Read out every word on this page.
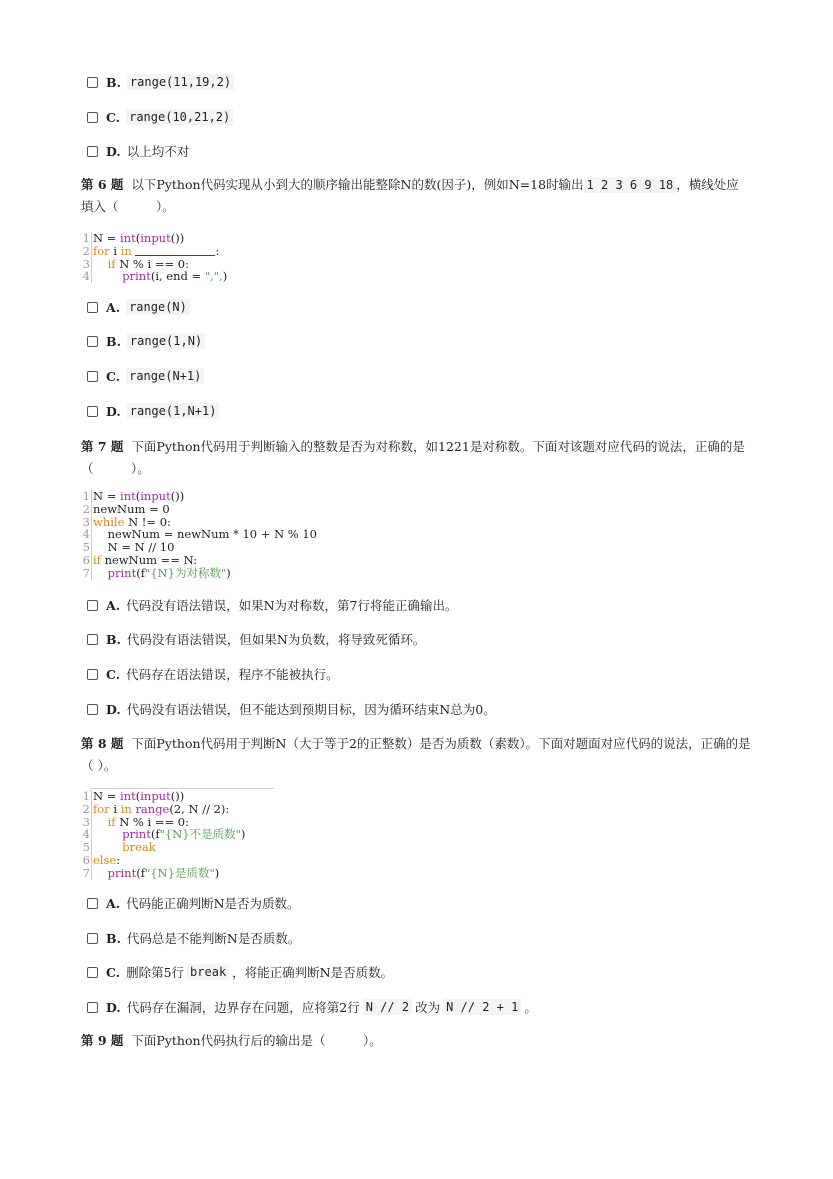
B. range(11,19,2)
C. range(10,21,2)
D. 以上均不对
第 6 题 以下Python代码实现从小到大的顺序输出能整除N的数(因子)，例如N=18时输出 1 2 3 6 9 18 ，横线处应填入（　　　）。
1 N = int ( input ())
2 for i in
	:
3
if N % i == 0:
4
	print (i, end = ",", )
A. range(N)
B. range(1,N)
C. range(N+1)
D. range(1,N+1)
第 7 题 下面Python代码用于判断输入的整数是否为对称数，如1221是对称数。下面对该题对应代码的说法，正确的是（　　　）。
1 N = int ( input ())
2 newNum = 0
3 while N != 0:
4 newNum = newNum * 10 + N % 10
5 N = N // 10
6 if newNum == N:
7
print (f "{N}为对称数" )
A. 代码没有语法错误，如果N为对称数，第7行将能正确输出。
B. 代码没有语法错误，但如果N为负数，将导致死循环。
C. 代码存在语法错误，程序不能被执行。
D. 代码没有语法错误，但不能达到预期目标，因为循环结束N总为0。
第 8 题 下面Python代码用于判断N（大于等于2的正整数）是否为质数（素数）。下面对题面对应代码的说法，正确的是（ ）。
1 N = int ( input ())
2 for i in
range (2, N // 2):
3
if N % i == 0:
4
	print (f "{N}不是质数" )
5
	break
6 else :
7
print (f "{N}是质数" )
A. 代码能正确判断N是否为质数。
B. 代码总是不能判断N是否质数。
C. 删除第5行 break ，将能正确判断N是否质数。
D. 代码存在漏洞，边界存在问题，应将第2行 N // 2 改为 N // 2 + 1 。
第 9 题 下面Python代码执行后的输出是（　　　）。
